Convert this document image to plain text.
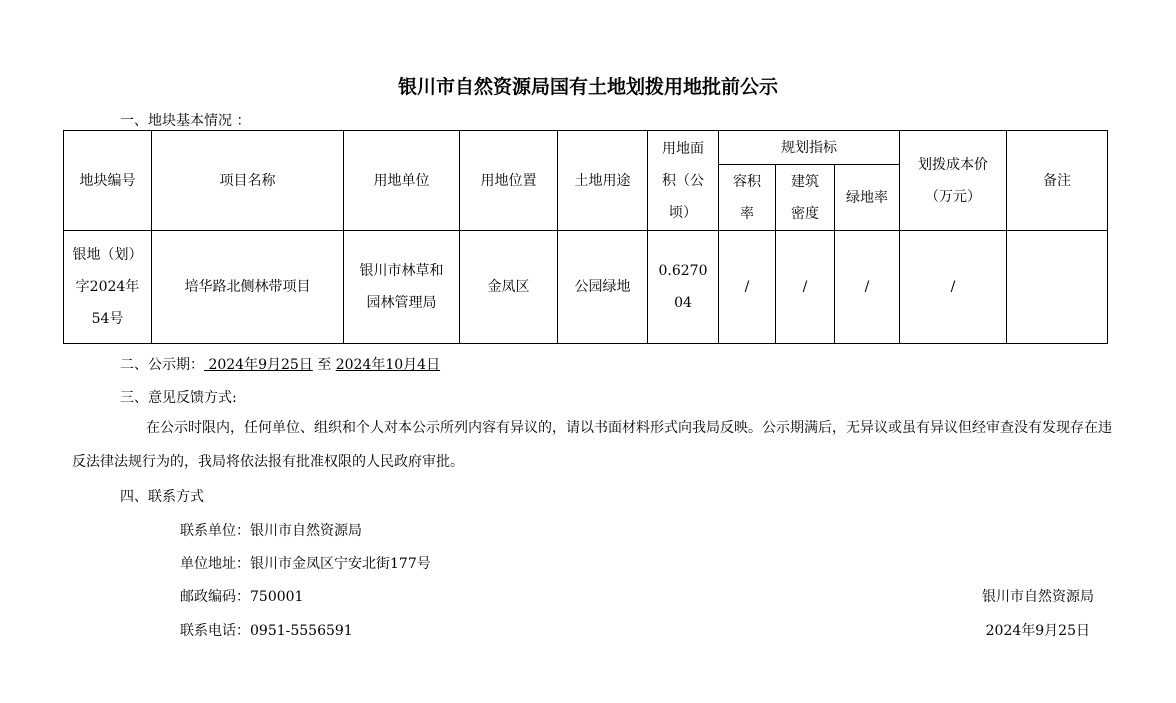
银川市自然资源局国有土地划拨用地批前公示
一、地块基本情况 ：
地块编号	项目名称	用地单位	用地位置	土地用途	用地面积（公顷）	规划指标			划拨成本价（万元）	备注
						容积率	建筑密度	绿地率		
银地（划）字2024年54号	培华路北侧林带项目	银川市林草和园林管理局	金凤区	公园绿地	0.627004	/	/	/	/	
二、公示期： 2024年9月25日 至 2024年10月4日
三、意见反馈方式:
在公示时限内，任何单位、组织和个人对本公示所列内容有异议的，请以书面材料形式向我局反映。公示期满后，无异议或虽有异议但经审查没有发现存在违反法律法规行为的，我局将依法报有批准权限的人民政府审批。
四、联系方式
联系单位：银川市自然资源局
单位地址：银川市金凤区宁安北街177号
邮政编码：750001
联系电话：0951-5556591
银川市自然资源局
2024年9月25日
